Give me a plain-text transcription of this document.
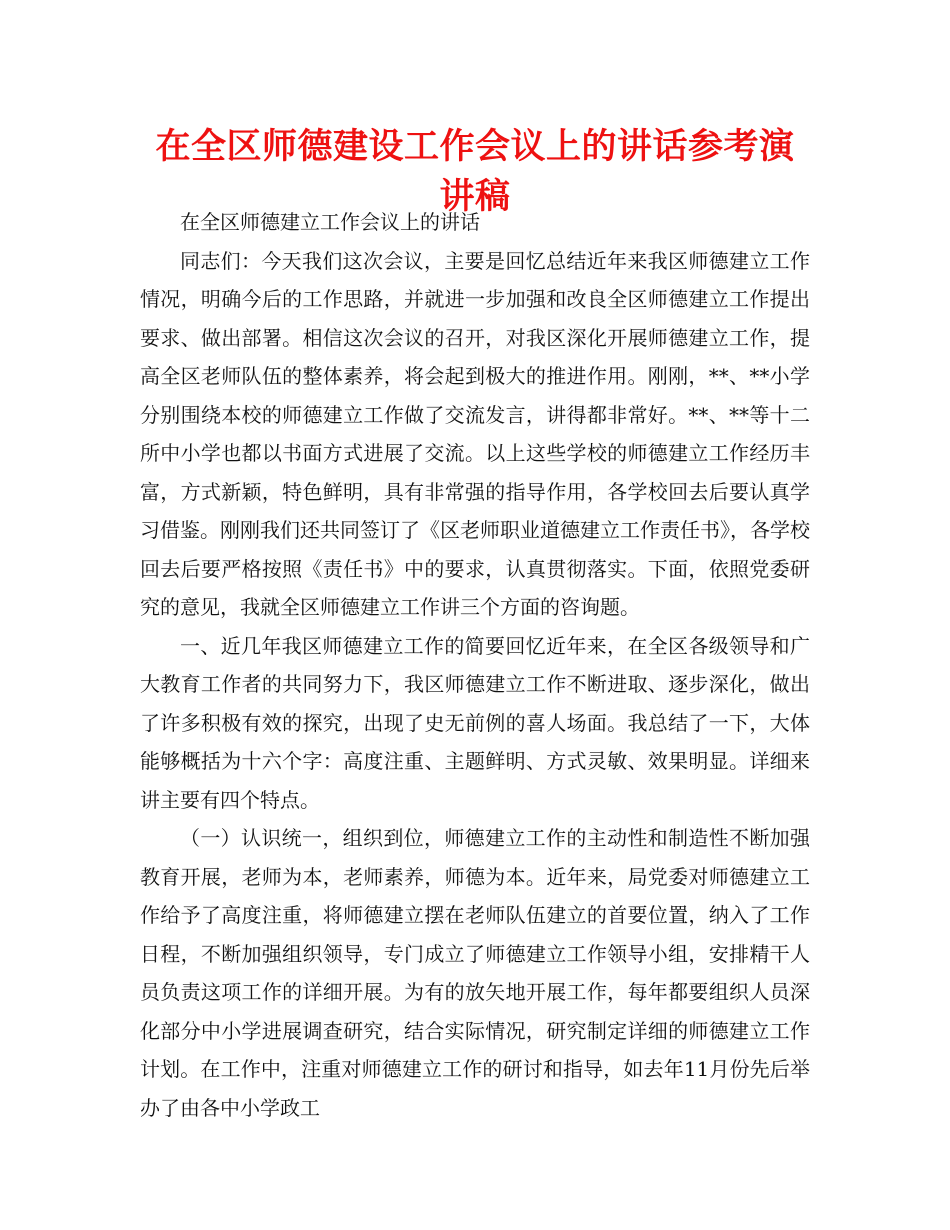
在全区师德建设工作会议上的讲话参考演讲稿

在全区师德建立工作会议上的讲话

同志们：今天我们这次会议，主要是回忆总结近年来我区师德建立工作情况，明确今后的工作思路，并就进一步加强和改良全区师德建立工作提出要求、做出部署。相信这次会议的召开，对我区深化开展师德建立工作，提高全区老师队伍的整体素养，将会起到极大的推进作用。刚刚，**、**小学分别围绕本校的师德建立工作做了交流发言，讲得都非常好。**、**等十二所中小学也都以书面方式进展了交流。以上这些学校的师德建立工作经历丰富，方式新颖，特色鲜明，具有非常强的指导作用，各学校回去后要认真学习借鉴。刚刚我们还共同签订了《区老师职业道德建立工作责任书》，各学校回去后要严格按照《责任书》中的要求，认真贯彻落实。下面，依照党委研究的意见，我就全区师德建立工作讲三个方面的咨询题。

一、近几年我区师德建立工作的简要回忆近年来，在全区各级领导和广大教育工作者的共同努力下，我区师德建立工作不断进取、逐步深化，做出了许多积极有效的探究，出现了史无前例的喜人场面。我总结了一下，大体能够概括为十六个字：高度注重、主题鲜明、方式灵敏、效果明显。详细来讲主要有四个特点。

（一）认识统一，组织到位，师德建立工作的主动性和制造性不断加强教育开展，老师为本，老师素养，师德为本。近年来，局党委对师德建立工作给予了高度注重，将师德建立摆在老师队伍建立的首要位置，纳入了工作日程，不断加强组织领导，专门成立了师德建立工作领导小组，安排精干人员负责这项工作的详细开展。为有的放矢地开展工作，每年都要组织人员深化部分中小学进展调查研究，结合实际情况，研究制定详细的师德建立工作计划。在工作中，注重对师德建立工作的研讨和指导，如去年11月份先后举办了由各中小学政工
